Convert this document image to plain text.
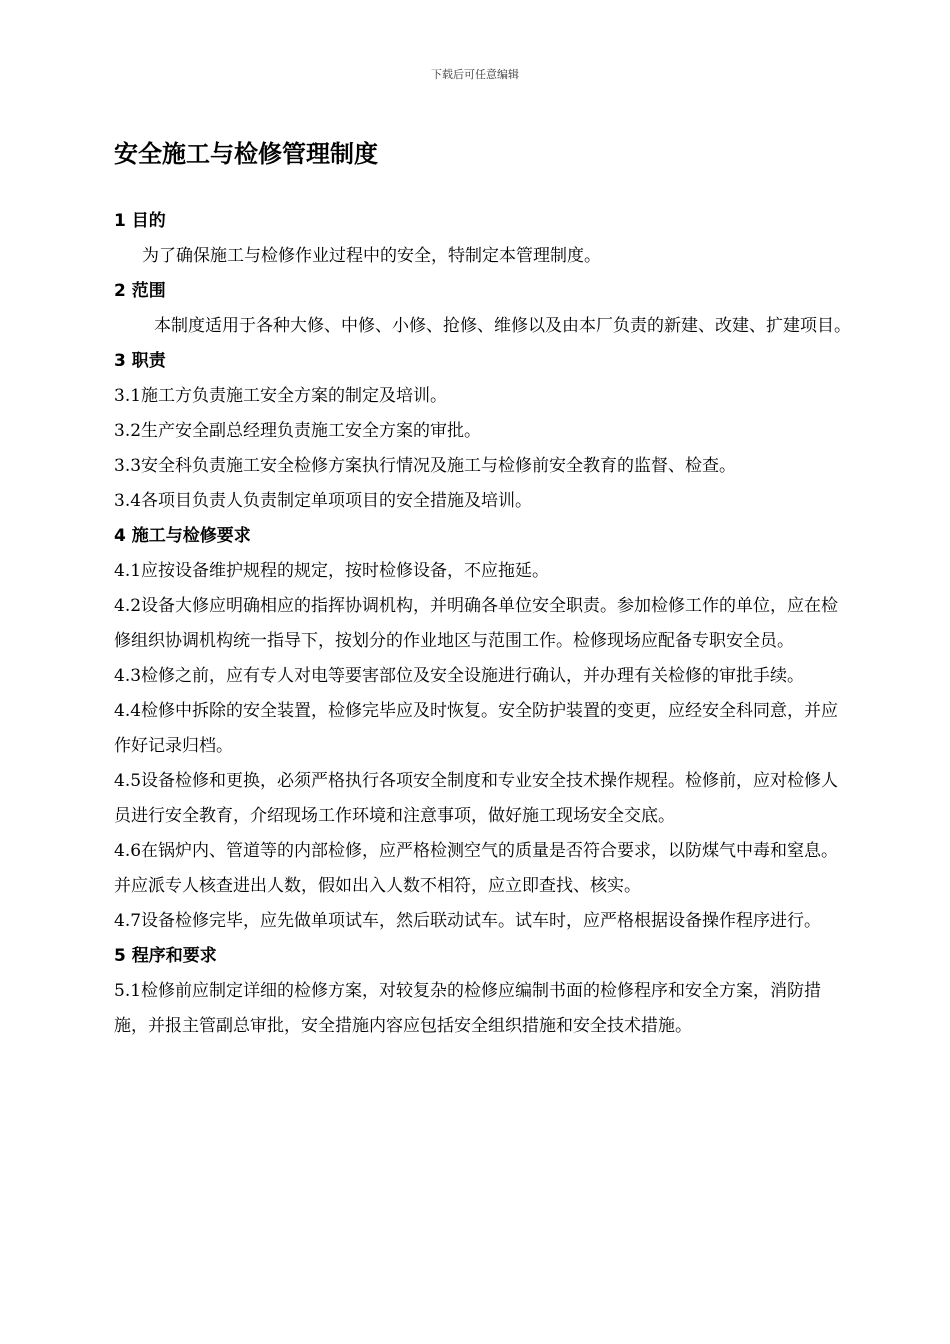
下载后可任意编辑
安全施工与检修管理制度

1 目的

为了确保施工与检修作业过程中的安全，特制定本管理制度。

2 范围

本制度适用于各种大修、中修、小修、抢修、维修以及由本厂负责的新建、改建、扩建项目。

3 职责

3.1施工方负责施工安全方案的制定及培训。

3.2生产安全副总经理负责施工安全方案的审批。

3.3安全科负责施工安全检修方案执行情况及施工与检修前安全教育的监督、检查。

3.4各项目负责人负责制定单项项目的安全措施及培训。

4 施工与检修要求

4.1应按设备维护规程的规定，按时检修设备，不应拖延。

4.2设备大修应明确相应的指挥协调机构，并明确各单位安全职责。参加检修工作的单位，应在检修组织协调机构统一指导下，按划分的作业地区与范围工作。检修现场应配备专职安全员。

4.3检修之前，应有专人对电等要害部位及安全设施进行确认，并办理有关检修的审批手续。

4.4检修中拆除的安全装置，检修完毕应及时恢复。安全防护装置的变更，应经安全科同意，并应作好记录归档。

4.5设备检修和更换，必须严格执行各项安全制度和专业安全技术操作规程。检修前，应对检修人员进行安全教育，介绍现场工作环境和注意事项，做好施工现场安全交底。

4.6在锅炉内、管道等的内部检修，应严格检测空气的质量是否符合要求，以防煤气中毒和窒息。并应派专人核查进出人数，假如出入人数不相符，应立即查找、核实。

4.7设备检修完毕，应先做单项试车，然后联动试车。试车时，应严格根据设备操作程序进行。

5 程序和要求

5.1检修前应制定详细的检修方案，对较复杂的检修应编制书面的检修程序和安全方案，消防措施，并报主管副总审批，安全措施内容应包括安全组织措施和安全技术措施。
